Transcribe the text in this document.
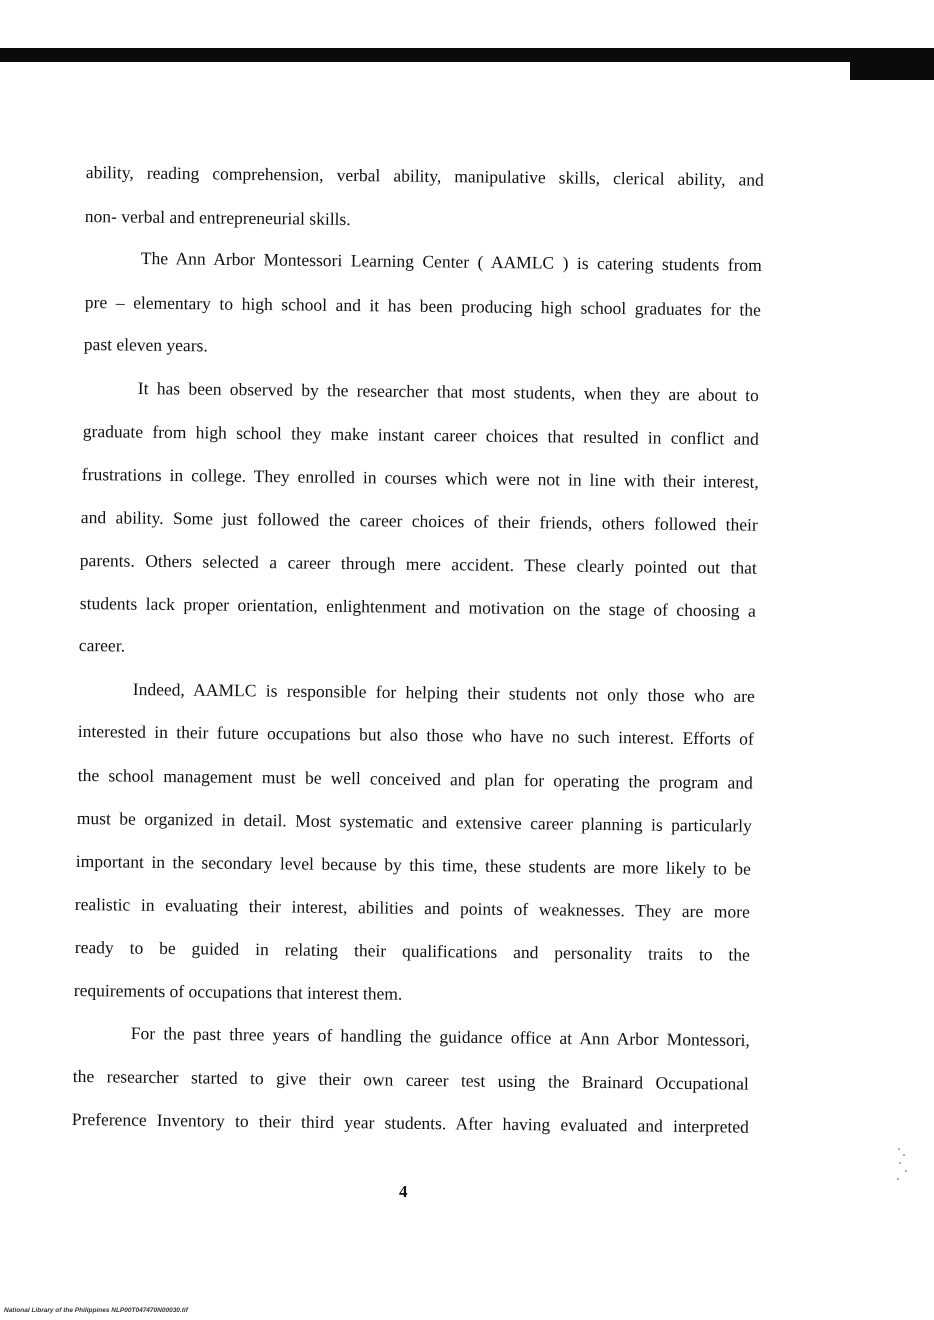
ability, reading comprehension, verbal ability, manipulative skills, clerical ability, and
non- verbal and entrepreneurial skills.
The Ann Arbor Montessori Learning Center ( AAMLC ) is catering students from
pre – elementary to high school and it has been producing high school graduates for the
past eleven years.
It has been observed by the researcher that most students, when they are about to
graduate from high school they make instant career choices that resulted in conflict and
frustrations in college. They enrolled in courses which were not in line with their interest,
and ability. Some just followed the career choices of their friends, others followed their
parents. Others selected a career through mere accident. These clearly pointed out that
students lack proper orientation, enlightenment and motivation on the stage of choosing a
career.
Indeed, AAMLC is responsible for helping their students not only those who are
interested in their future occupations but also those who have no such interest. Efforts of
the school management must be well conceived and plan for operating the program and
must be organized in detail. Most systematic and extensive career planning is particularly
important in the secondary level because by this time, these students are more likely to be
realistic in evaluating their interest, abilities and points of weaknesses. They are more
ready to be guided in relating their qualifications and personality traits to the
requirements of occupations that interest them.
For the past three years of handling the guidance office at Ann Arbor Montessori,
the researcher started to give their own career test using the Brainard Occupational
Preference Inventory to their third year students. After having evaluated and interpreted
4
National Library of the Philippines NLP00T047470N00030.tif
